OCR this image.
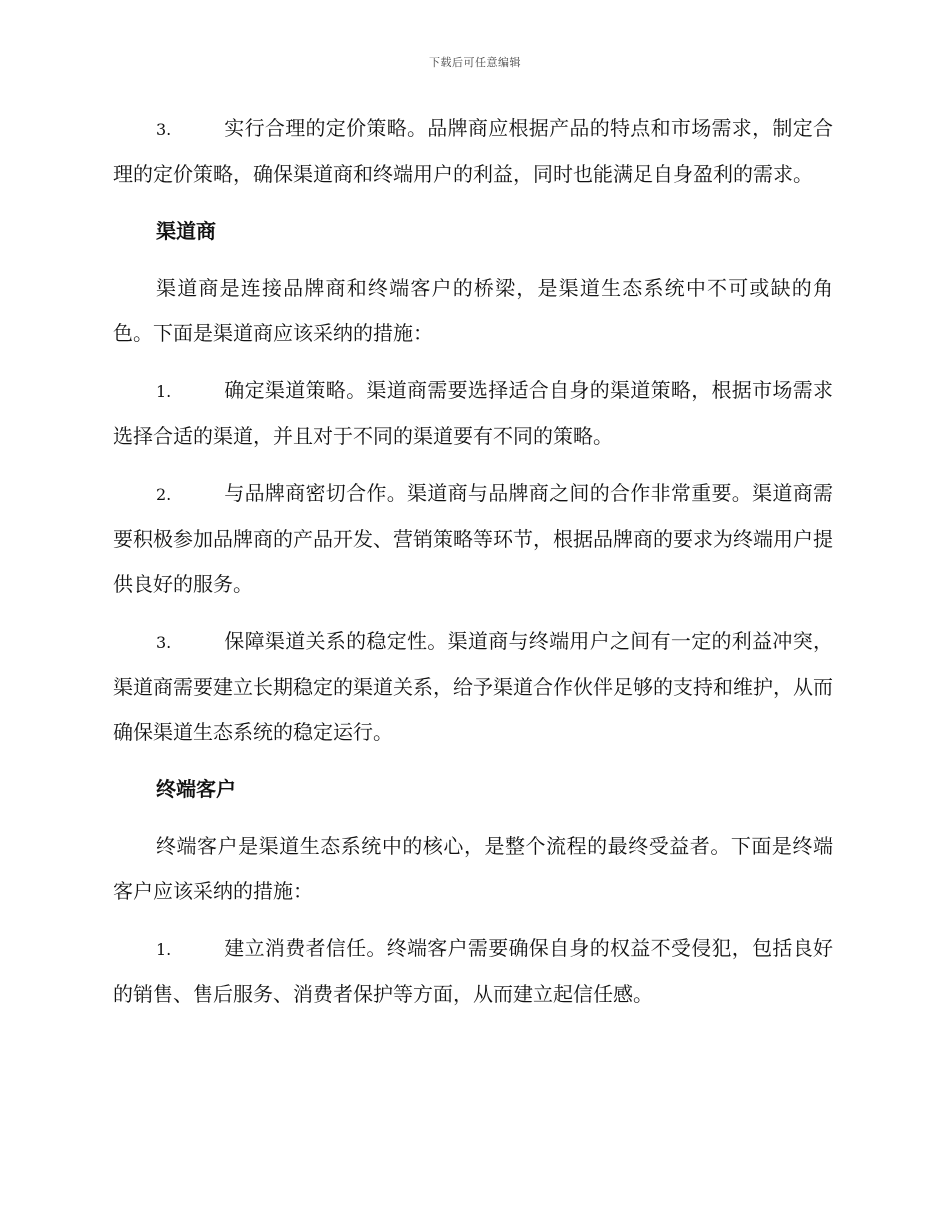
下载后可任意编辑

3.	实行合理的定价策略。品牌商应根据产品的特点和市场需求，制定合理的定价策略，确保渠道商和终端用户的利益，同时也能满足自身盈利的需求。

渠道商

渠道商是连接品牌商和终端客户的桥梁，是渠道生态系统中不可或缺的角色。下面是渠道商应该采纳的措施：

1.	确定渠道策略。渠道商需要选择适合自身的渠道策略，根据市场需求选择合适的渠道，并且对于不同的渠道要有不同的策略。

2.	与品牌商密切合作。渠道商与品牌商之间的合作非常重要。渠道商需要积极参加品牌商的产品开发、营销策略等环节，根据品牌商的要求为终端用户提供良好的服务。

3.	保障渠道关系的稳定性。渠道商与终端用户之间有一定的利益冲突，渠道商需要建立长期稳定的渠道关系，给予渠道合作伙伴足够的支持和维护，从而确保渠道生态系统的稳定运行。

终端客户

终端客户是渠道生态系统中的核心，是整个流程的最终受益者。下面是终端客户应该采纳的措施：

1.	建立消费者信任。终端客户需要确保自身的权益不受侵犯，包括良好的销售、售后服务、消费者保护等方面，从而建立起信任感。
